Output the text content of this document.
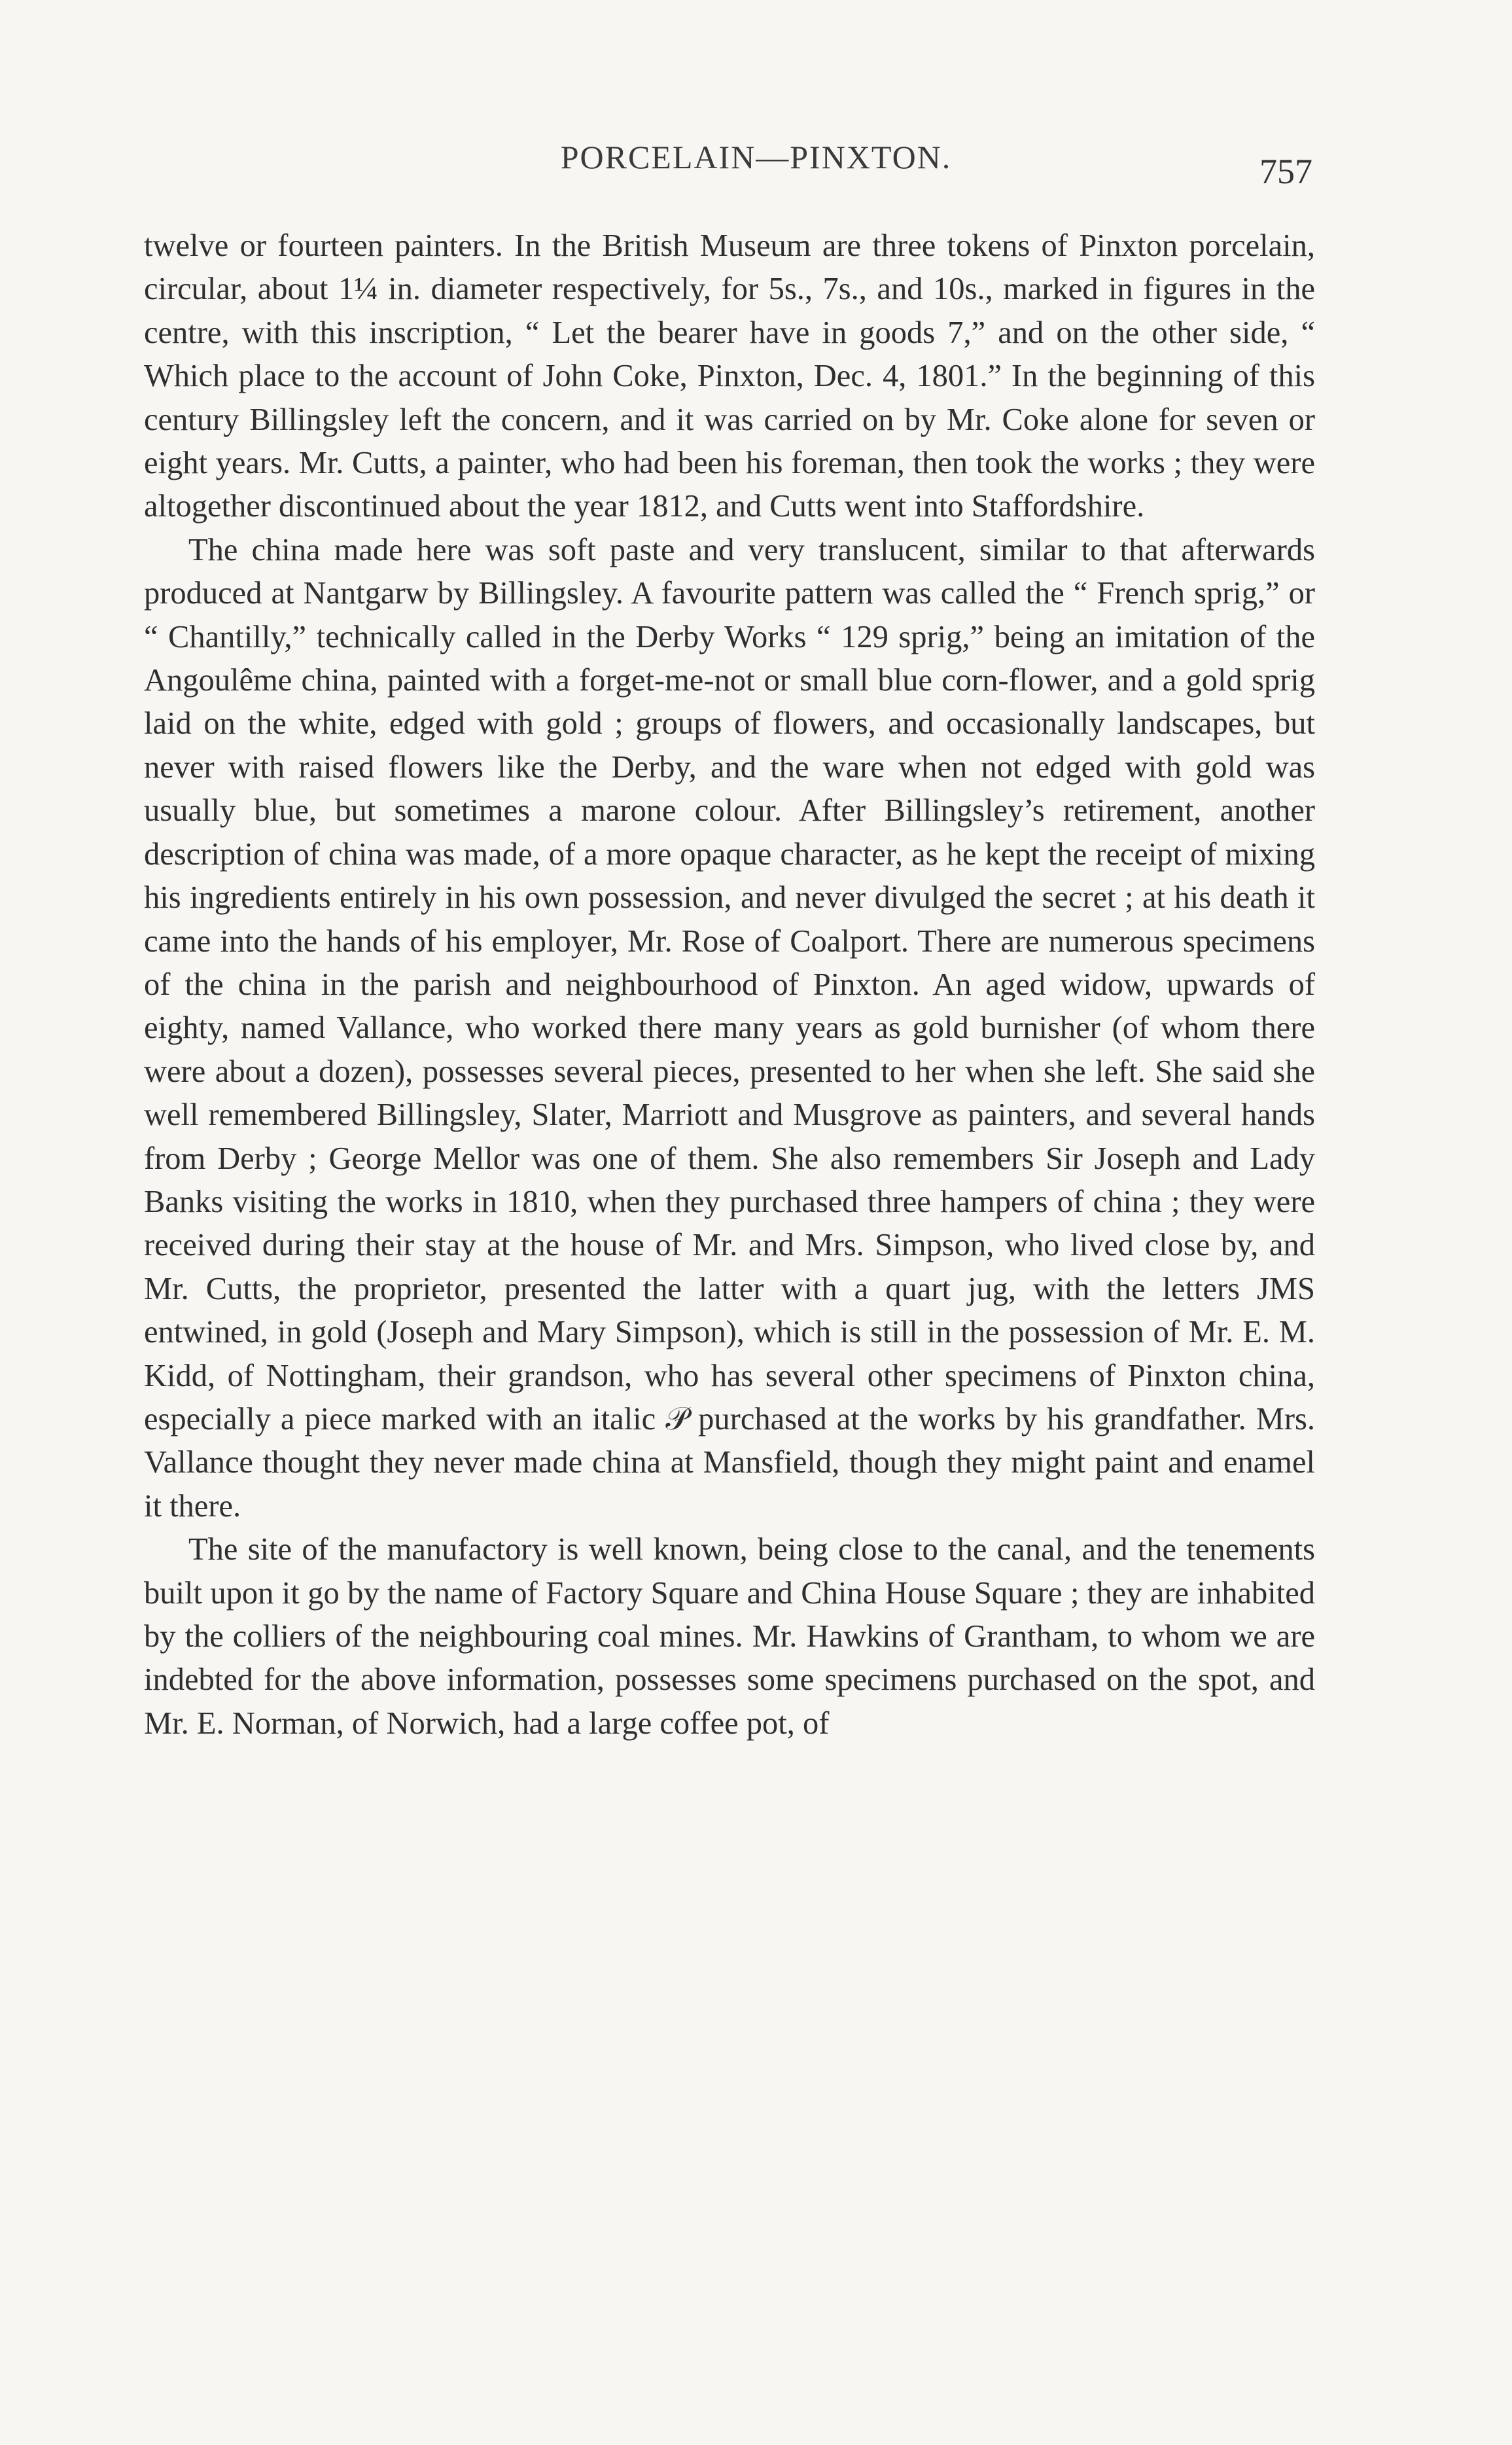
PORCELAIN—PINXTON.	757

twelve or fourteen painters. In the British Museum are three tokens of Pinxton porcelain, circular, about 1¼ in. diameter respectively, for 5s., 7s., and 10s., marked in figures in the centre, with this inscription, “ Let the bearer have in goods 7,” and on the other side, “ Which place to the account of John Coke, Pinxton, Dec. 4, 1801.” In the beginning of this century Billingsley left the concern, and it was carried on by Mr. Coke alone for seven or eight years. Mr. Cutts, a painter, who had been his foreman, then took the works ; they were altogether discontinued about the year 1812, and Cutts went into Staffordshire.

The china made here was soft paste and very translucent, similar to that afterwards produced at Nantgarw by Billingsley. A favourite pattern was called the “ French sprig,” or “ Chantilly,” technically called in the Derby Works “ 129 sprig,” being an imitation of the Angoulême china, painted with a forget-me-not or small blue corn-flower, and a gold sprig laid on the white, edged with gold ; groups of flowers, and occasionally landscapes, but never with raised flowers like the Derby, and the ware when not edged with gold was usually blue, but sometimes a marone colour. After Billingsley’s retirement, another description of china was made, of a more opaque character, as he kept the receipt of mixing his ingredients entirely in his own possession, and never divulged the secret ; at his death it came into the hands of his employer, Mr. Rose of Coalport. There are numerous specimens of the china in the parish and neighbourhood of Pinxton. An aged widow, upwards of eighty, named Vallance, who worked there many years as gold burnisher (of whom there were about a dozen), possesses several pieces, presented to her when she left. She said she well remembered Billingsley, Slater, Marriott and Musgrove as painters, and several hands from Derby ; George Mellor was one of them. She also remembers Sir Joseph and Lady Banks visiting the works in 1810, when they purchased three hampers of china ; they were received during their stay at the house of Mr. and Mrs. Simpson, who lived close by, and Mr. Cutts, the proprietor, presented the latter with a quart jug, with the letters JMS entwined, in gold (Joseph and Mary Simpson), which is still in the possession of Mr. E. M. Kidd, of Nottingham, their grandson, who has several other specimens of Pinxton china, especially a piece marked with an italic 𝒫 purchased at the works by his grandfather. Mrs. Vallance thought they never made china at Mansfield, though they might paint and enamel it there.

The site of the manufactory is well known, being close to the canal, and the tenements built upon it go by the name of Factory Square and China House Square ; they are inhabited by the colliers of the neighbouring coal mines. Mr. Hawkins of Grantham, to whom we are indebted for the above information, possesses some specimens purchased on the spot, and Mr. E. Norman, of Norwich, had a large coffee pot, of
